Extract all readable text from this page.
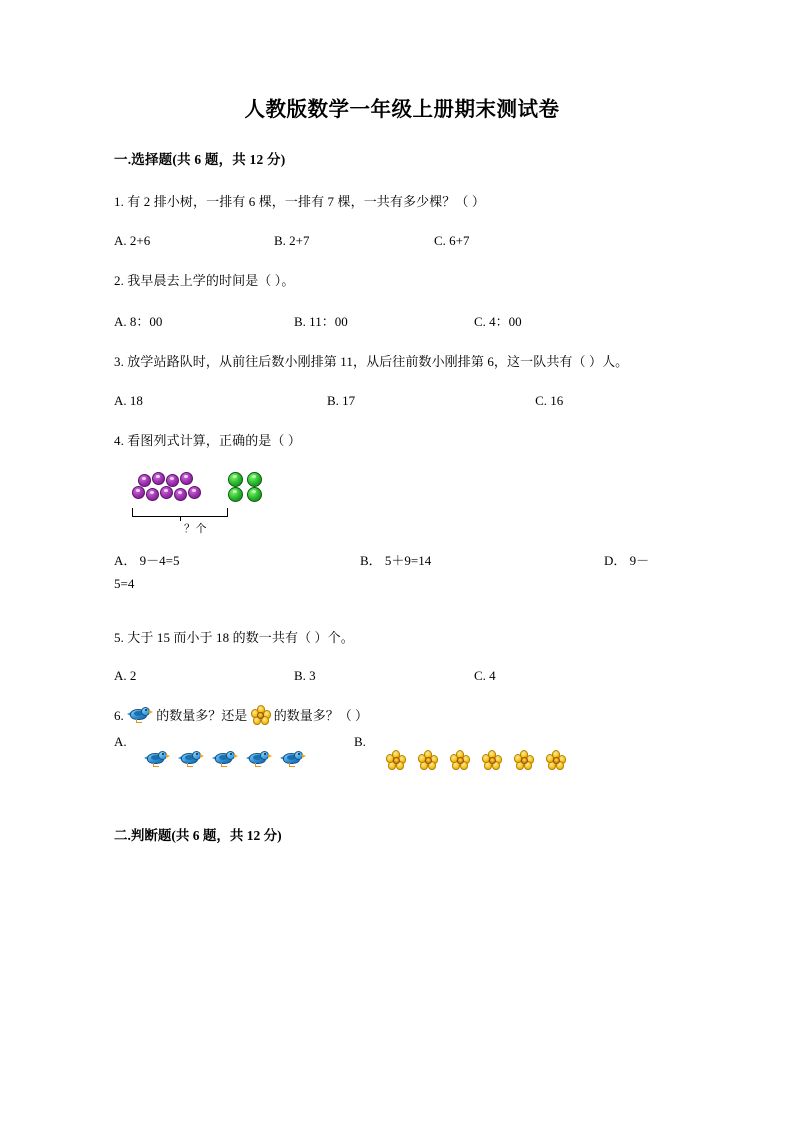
人教版数学一年级上册期末测试卷
一.选择题(共 6 题，共 12 分)
1. 有 2 排小树，一排有 6 棵，一排有 7 棵，一共有多少棵？（ ）
A. 2+6	B. 2+7	C. 6+7
2. 我早晨去上学的时间是（ ）。
A. 8：00	B. 11：00	C. 4：00
3. 放学站路队时，从前往后数小刚排第 11，从后往前数小刚排第 6，这一队共有（ ）人。
A. 18	B. 17	C. 16
4. 看图列式计算，正确的是（ ）
？个
A． 9－4=5	B． 5＋9=14	D． 9－
5=4
5. 大于 15 而小于 18 的数一共有（ ）个。
A. 2	B. 3	C. 4
6.	的数量多？还是 的数量多？（ ）
A.	B.
二.判断题(共 6 题，共 12 分)
